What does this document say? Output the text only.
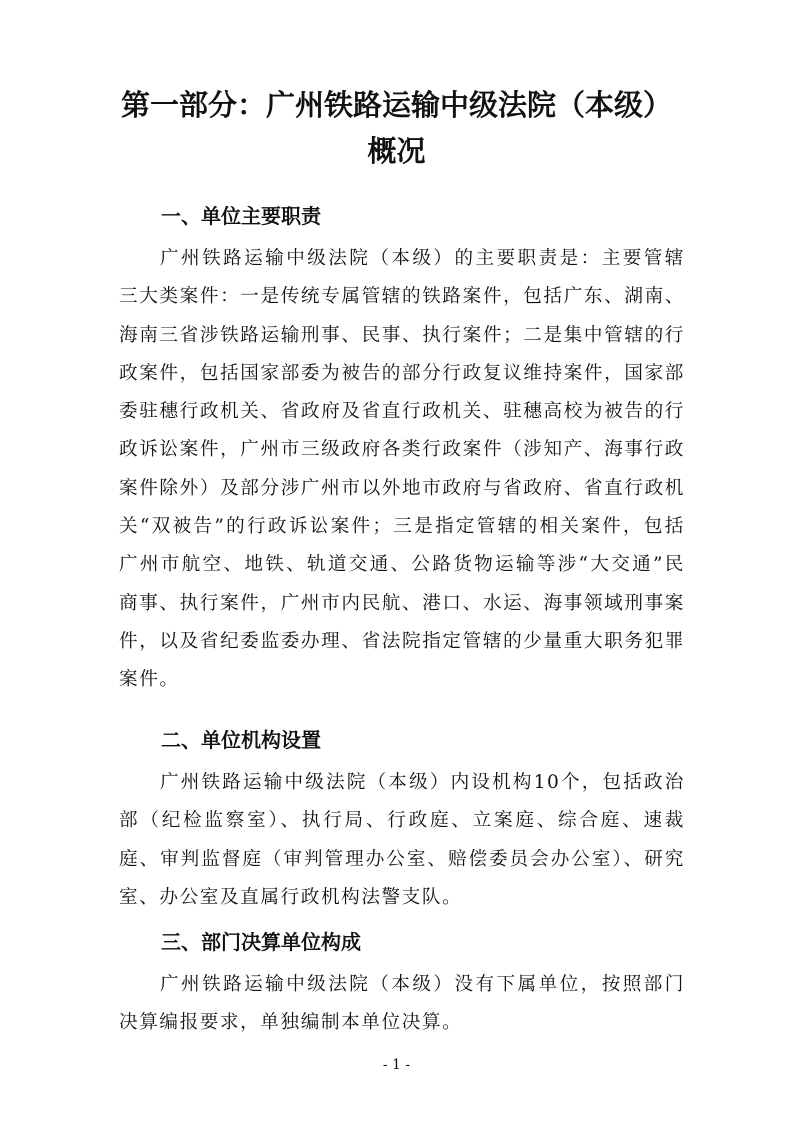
第一部分：广州铁路运输中级法院（本级）
概况
一、单位主要职责

广州铁路运输中级法院（本级）的主要职责是：主要管辖三大类案件：一是传统专属管辖的铁路案件，包括广东、湖南、海南三省涉铁路运输刑事、民事、执行案件；二是集中管辖的行政案件，包括国家部委为被告的部分行政复议维持案件，国家部委驻穗行政机关、省政府及省直行政机关、驻穗高校为被告的行政诉讼案件，广州市三级政府各类行政案件（涉知产、海事行政案件除外）及部分涉广州市以外地市政府与省政府、省直行政机关“双被告”的行政诉讼案件；三是指定管辖的相关案件，包括广州市航空、地铁、轨道交通、公路货物运输等涉“大交通”民商事、执行案件，广州市内民航、港口、水运、海事领域刑事案件，以及省纪委监委办理、省法院指定管辖的少量重大职务犯罪案件。

二、单位机构设置

广州铁路运输中级法院（本级）内设机构10个，包括政治部（纪检监察室）、执行局、行政庭、立案庭、综合庭、速裁庭、审判监督庭（审判管理办公室、赔偿委员会办公室）、研究室、办公室及直属行政机构法警支队。

三、部门决算单位构成

广州铁路运输中级法院（本级）没有下属单位，按照部门决算编报要求，单独编制本单位决算。

- 1 -
